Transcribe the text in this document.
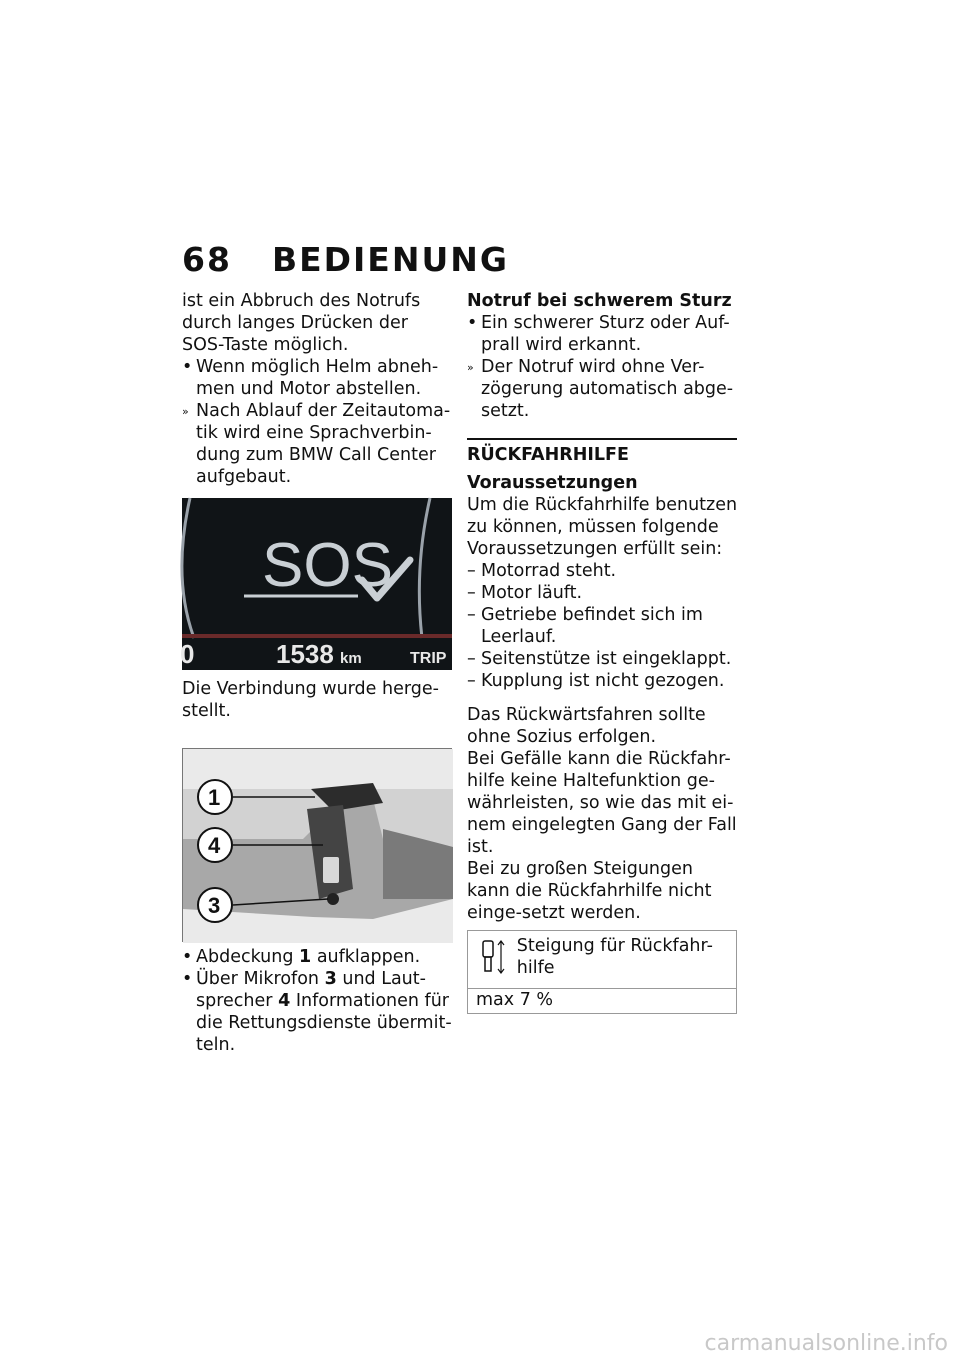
68 BEDIENUNG

ist ein Abbruch des Notrufs durch langes Drücken der SOS-Taste möglich.

• Wenn möglich Helm abneh-men und Motor abstellen.
» Nach Ablauf der Zeitautoma-tik wird eine Sprachverbin-dung zum BMW Call Center aufgebaut.
SOS
0	1538 km	TRIP

Die Verbindung wurde herge-stellt.

1
4
3
• Abdeckung 1 aufklappen.
• Über Mikrofon 3 und Laut-sprecher 4 Informationen für die Rettungsdienste übermit-teln.

Notruf bei schwerem Sturz

• Ein schwerer Sturz oder Auf-prall wird erkannt.
» Der Notruf wird ohne Ver-zögerung automatisch abge-setzt.

RÜCKFAHRHILFE

Voraussetzungen

Um die Rückfahrhilfe benutzen zu können, müssen folgende Voraussetzungen erfüllt sein:

– Motorrad steht.
– Motor läuft.
– Getriebe befindet sich im Leerlauf.
– Seitenstütze ist eingeklappt.
– Kupplung ist nicht gezogen.

Das Rückwärtsfahren sollte ohne Sozius erfolgen.

Bei Gefälle kann die Rückfahr-hilfe keine Haltefunktion ge-währleisten, so wie das mit ei-nem eingelegten Gang der Fall ist.

Bei zu großen Steigungen kann die Rückfahrhilfe nicht einge-setzt werden.

Steigung für Rückfahr-hilfe
max 7 %
carmanualsonline.info
